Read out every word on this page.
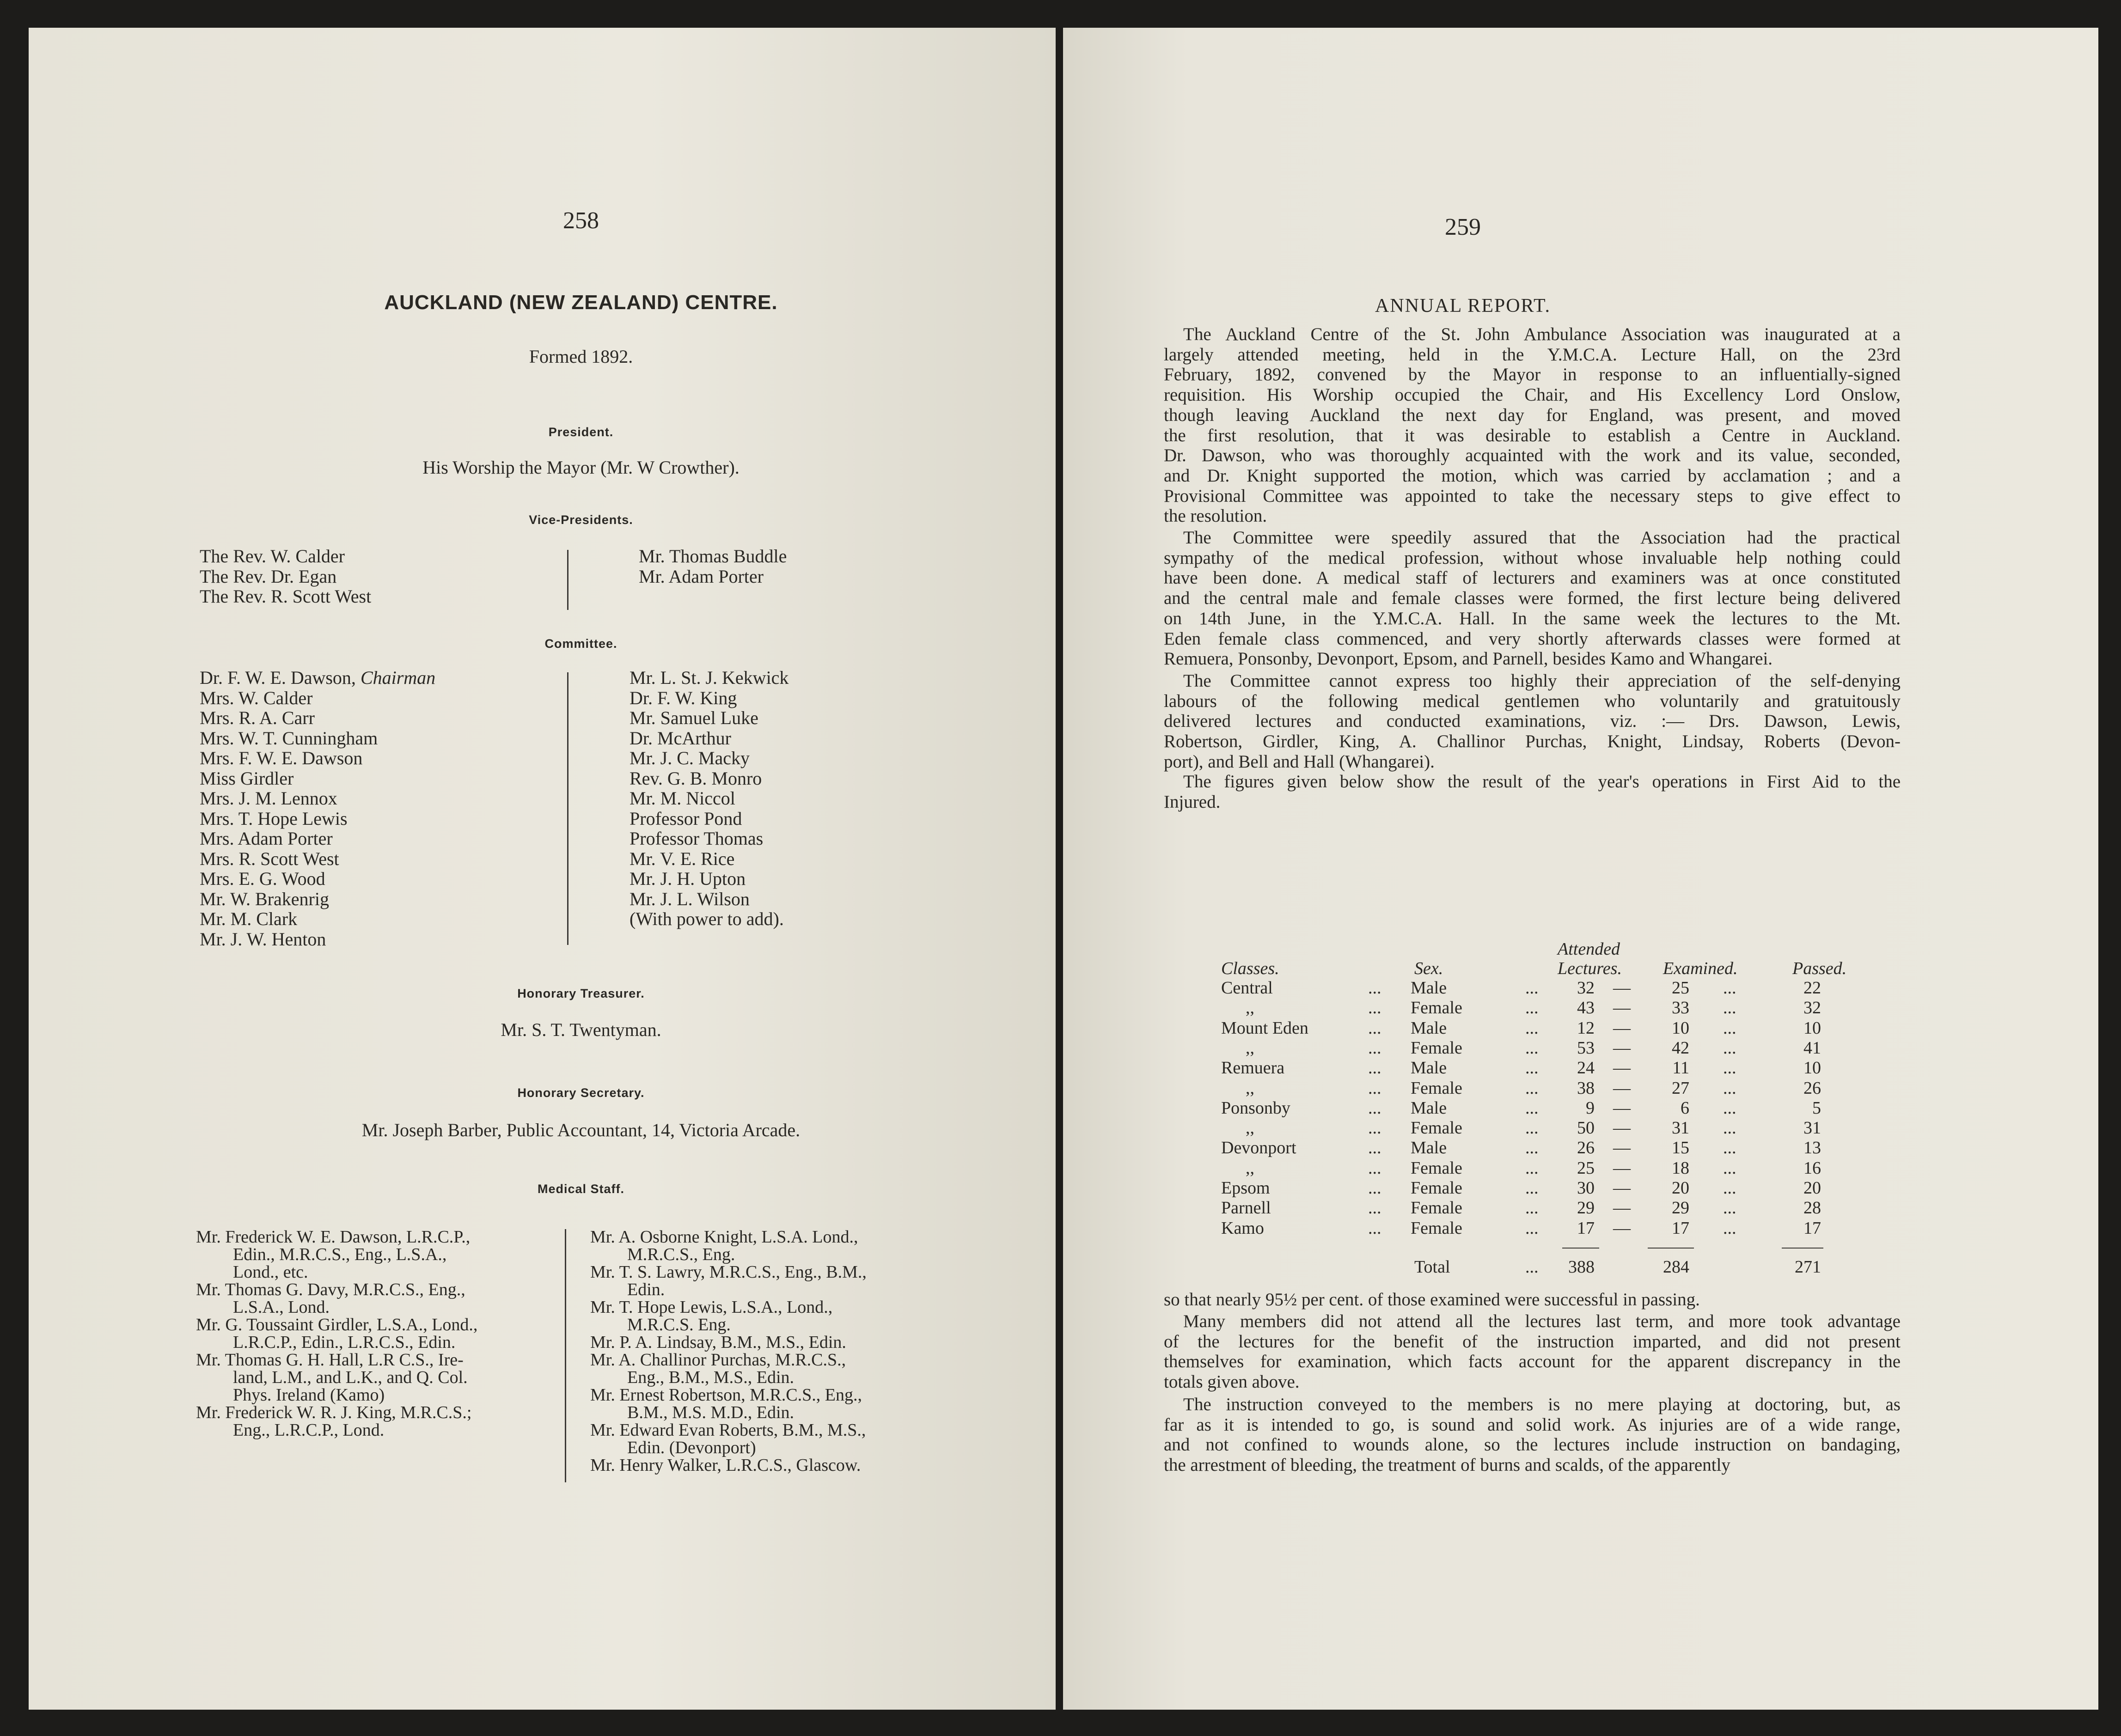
258
AUCKLAND (NEW ZEALAND) CENTRE.
Formed 1892.
President.
His Worship the Mayor (Mr. W Crowther).
Vice-Presidents.
The Rev. W. Calder
The Rev. Dr. Egan
The Rev. R. Scott West
Mr. Thomas Buddle
Mr. Adam Porter
Committee.
Dr. F. W. E. Dawson, Chairman
Mrs. W. Calder
Mrs. R. A. Carr
Mrs. W. T. Cunningham
Mrs. F. W. E. Dawson
Miss Girdler
Mrs. J. M. Lennox
Mrs. T. Hope Lewis
Mrs. Adam Porter
Mrs. R. Scott West
Mrs. E. G. Wood
Mr. W. Brakenrig
Mr. M. Clark
Mr. J. W. Henton
Mr. L. St. J. Kekwick
Dr. F. W. King
Mr. Samuel Luke
Dr. McArthur
Mr. J. C. Macky
Rev. G. B. Monro
Mr. M. Niccol
Professor Pond
Professor Thomas
Mr. V. E. Rice
Mr. J. H. Upton
Mr. J. L. Wilson
(With power to add).
Honorary Treasurer.
Mr. S. T. Twentyman.
Honorary Secretary.
Mr. Joseph Barber, Public Accountant, 14, Victoria Arcade.
Medical Staff.

Mr. Frederick W. E. Dawson, L.R.C.P.,

Edin., M.R.C.S., Eng., L.S.A.,

Lond., etc.

Mr. Thomas G. Davy, M.R.C.S., Eng.,

L.S.A., Lond.

Mr. G. Toussaint Girdler, L.S.A., Lond.,

L.R.C.P., Edin., L.R.C.S., Edin.

Mr. Thomas G. H. Hall, L.R C.S., Ire-

land, L.M., and L.K., and Q. Col.

Phys. Ireland (Kamo)

Mr. Frederick W. R. J. King, M.R.C.S.;

Eng., L.R.C.P., Lond.

Mr. A. Osborne Knight, L.S.A. Lond.,

M.R.C.S., Eng.

Mr. T. S. Lawry, M.R.C.S., Eng., B.M.,

Edin.

Mr. T. Hope Lewis, L.S.A., Lond.,

M.R.C.S. Eng.

Mr. P. A. Lindsay, B.M., M.S., Edin.

Mr. A. Challinor Purchas, M.R.C.S.,

Eng., B.M., M.S., Edin.

Mr. Ernest Robertson, M.R.C.S., Eng.,

B.M., M.S. M.D., Edin.

Mr. Edward Evan Roberts, B.M., M.S.,

Edin. (Devonport)

Mr. Henry Walker, L.R.C.S., Glascow.

259
ANNUAL REPORT.
The Auckland Centre of the St. John Ambulance Association was inaugurated at a
largely attended meeting, held in the Y.M.C.A. Lecture Hall, on the 23rd
February, 1892, convened by the Mayor in response to an influentially-signed
requisition. His Worship occupied the Chair, and His Excellency Lord Onslow,
though leaving Auckland the next day for England, was present, and moved
the first resolution, that it was desirable to establish a Centre in Auckland.
Dr. Dawson, who was thoroughly acquainted with the work and its value, seconded,
and Dr. Knight supported the motion, which was carried by acclamation ; and a
Provisional Committee was appointed to take the necessary steps to give effect to
the resolution.
The Committee were speedily assured that the Association had the practical
sympathy of the medical profession, without whose invaluable help nothing could
have been done. A medical staff of lecturers and examiners was at once constituted
and the central male and female classes were formed, the first lecture being delivered
on 14th June, in the Y.M.C.A. Hall. In the same week the lectures to the Mt.
Eden female class commenced, and very shortly afterwards classes were formed at
Remuera, Ponsonby, Devonport, Epsom, and Parnell, besides Kamo and Whangarei.
The Committee cannot express too highly their appreciation of the self-denying
labours of the following medical gentlemen who voluntarily and gratuitously
delivered lectures and conducted examinations, viz. :— Drs. Dawson, Lewis,
Robertson, Girdler, King, A. Challinor Purchas, Knight, Lindsay, Roberts (Devon-
port), and Bell and Hall (Whangarei).
The figures given below show the result of the year's operations in First Aid to the
Injured.
Attended
Classes.	Sex.	Lectures. Examined.	Passed.
Central	... Male	...	32 —	25 ...	22
,,	... Female	...	43 —	33 ...	32
Mount Eden	... Male	...	12 —	10 ...	10
,,	... Female	...	53 —	42 ...	41
Remuera	... Male	...	24 —	11 ...	10
,,	... Female	...	38 —	27 ...	26
Ponsonby	... Male	...	9 —	6 ...	5
,,	... Female	...	50 —	31 ...	31
Devonport	... Male	...	26 —	15 ...	13
,,	... Female	...	25 —	18 ...	16
Epsom	... Female	...	30 —	20 ...	20
Parnell	... Female	...	29 —	29 ...	28
Kamo	... Female	...	17 —	17 ...	17
Total	...	388	284	271
so that nearly 95½ per cent. of those examined were successful in passing.
Many members did not attend all the lectures last term, and more took advantage
of the lectures for the benefit of the instruction imparted, and did not present
themselves for examination, which facts account for the apparent discrepancy in the
totals given above.
The instruction conveyed to the members is no mere playing at doctoring, but, as
far as it is intended to go, is sound and solid work. As injuries are of a wide range,
and not confined to wounds alone, so the lectures include instruction on bandaging,
the arrestment of bleeding, the treatment of burns and scalds, of the apparently
